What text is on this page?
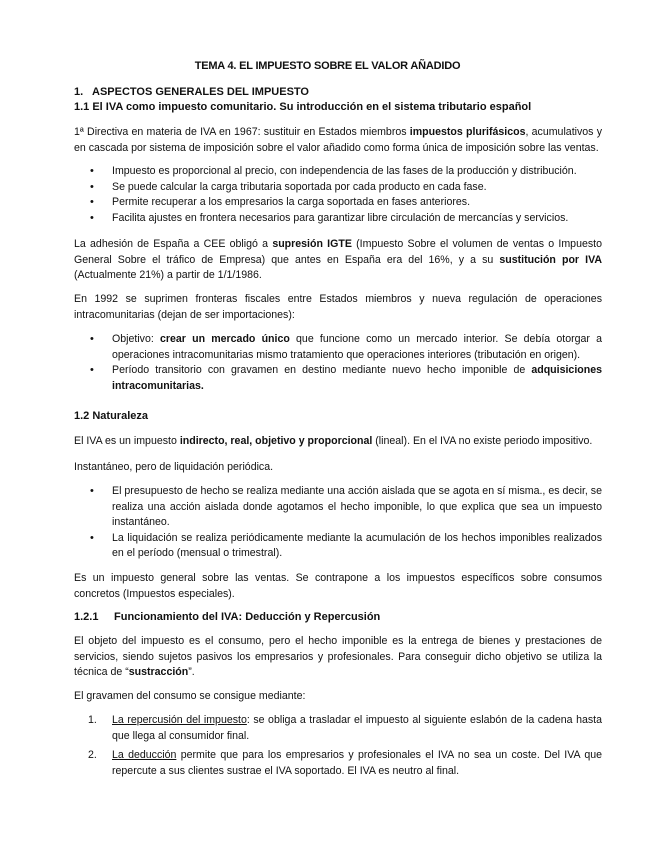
TEMA 4. EL IMPUESTO SOBRE EL VALOR AÑADIDO

1. ASPECTOS GENERALES DEL IMPUESTO

1.1 El IVA como impuesto comunitario. Su introducción en el sistema tributario español

1ª Directiva en materia de IVA en 1967: sustituir en Estados miembros impuestos plurifásicos, acumulativos y en cascada por sistema de imposición sobre el valor añadido como forma única de imposición sobre las ventas.

• Impuesto es proporcional al precio, con independencia de las fases de la producción y distribución.
• Se puede calcular la carga tributaria soportada por cada producto en cada fase.
• Permite recuperar a los empresarios la carga soportada en fases anteriores.
• Facilita ajustes en frontera necesarios para garantizar libre circulación de mercancías y servicios.

La adhesión de España a CEE obligó a supresión IGTE (Impuesto Sobre el volumen de ventas o Impuesto General Sobre el tráfico de Empresa) que antes en España era del 16%, y a su sustitución por IVA (Actualmente 21%) a partir de 1/1/1986.

En 1992 se suprimen fronteras fiscales entre Estados miembros y nueva regulación de operaciones intracomunitarias (dejan de ser importaciones):

• Objetivo: crear un mercado único que funcione como un mercado interior. Se debía otorgar a operaciones intracomunitarias mismo tratamiento que operaciones interiores (tributación en origen).
• Período transitorio con gravamen en destino mediante nuevo hecho imponible de adquisiciones intracomunitarias.

1.2 Naturaleza

El IVA es un impuesto indirecto, real, objetivo y proporcional (lineal). En el IVA no existe periodo impositivo.

Instantáneo, pero de liquidación periódica.

• El presupuesto de hecho se realiza mediante una acción aislada que se agota en sí misma., es decir, se realiza una acción aislada donde agotamos el hecho imponible, lo que explica que sea un impuesto instantáneo.
• La liquidación se realiza periódicamente mediante la acumulación de los hechos imponibles realizados en el período (mensual o trimestral).

Es un impuesto general sobre las ventas. Se contrapone a los impuestos específicos sobre consumos concretos (Impuestos especiales).

1.2.1 Funcionamiento del IVA: Deducción y Repercusión

El objeto del impuesto es el consumo, pero el hecho imponible es la entrega de bienes y prestaciones de servicios, siendo sujetos pasivos los empresarios y profesionales. Para conseguir dicho objetivo se utiliza la técnica de “sustracción”.

El gravamen del consumo se consigue mediante:

1. La repercusión del impuesto: se obliga a trasladar el impuesto al siguiente eslabón de la cadena hasta que llega al consumidor final.
2. La deducción permite que para los empresarios y profesionales el IVA no sea un coste. Del IVA que repercute a sus clientes sustrae el IVA soportado. El IVA es neutro al final.
